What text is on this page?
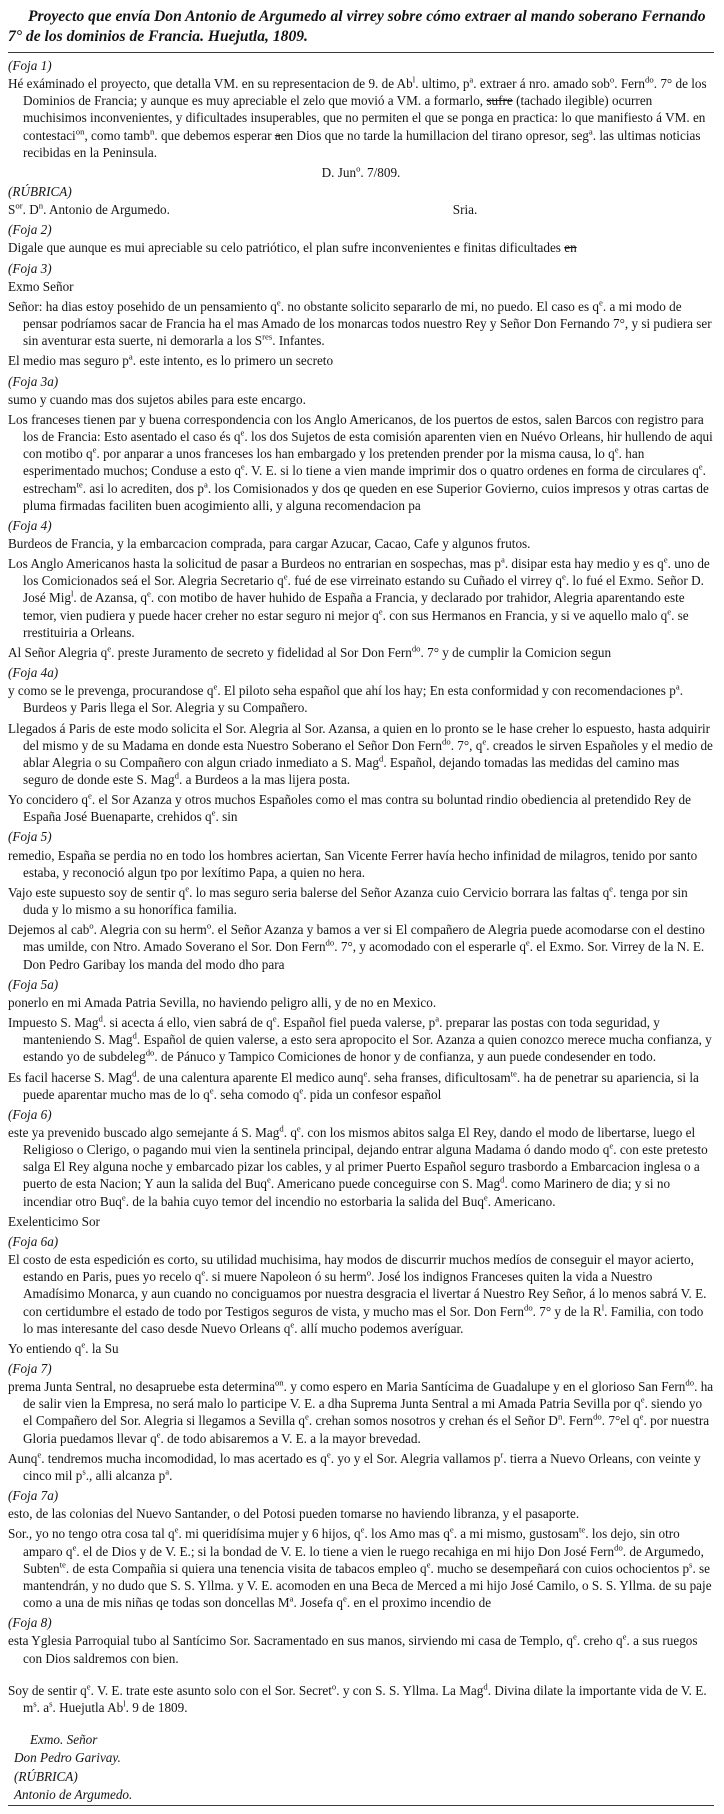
Proyecto que envía Don Antonio de Argumedo al virrey sobre cómo extraer al mando soberano Fernando 7° de los dominios de Francia. Huejutla, 1809.
(Foja 1)
Hé exáminado el proyecto, que detalla VM. en su representacion de 9. de Ab$^l$. ultimo, $p^a$. extraer á nro. amado sob$^o$. Fern$^{do}$. 7° de los Dominios de Francia; y aunque es muy apreciable el zelo que movió a VM. a formarlo, sufre (tachado ilegible) ocurren muchisimos inconvenientes, y dificultades insuperables, que no permiten el que se ponga en practica: lo que manifiesto á VM. en contestaci$^{on}$, como tamb$^n$. que debemos esperar aen Dios que no tarde la humillacion del tirano opresor, seg$^a$. las ultimas noticias recibidas en la Peninsula.
D. Jun$^o$. 7/809.
(RÚBRICA)
$S^{or}$. $D^n$. Antonio de Argumedo.	Sria.
(Foja 2)
Digale que aunque es mui apreciable su celo patriótico, el plan sufre inconvenientes e finitas dificultades en
(Foja 3)
Exmo Señor
Señor: ha dias estoy posehido de un pensamiento $q^e$. no obstante solicito separarlo de mi, no puedo. El caso es $q^e$. a mi modo de pensar podríamos sacar de Francia ha el mas Amado de los monarcas todos nuestro Rey y Señor Don Fernando 7°, y si pudiera ser sin aventurar esta suerte, ni demorarla a los $S^{res}$. Infantes.
El medio mas seguro $p^a$. este intento, es lo primero un secreto
(Foja 3a)
sumo y cuando mas dos sujetos abiles para este encargo.
Los franceses tienen par y buena correspondencia con los Anglo Americanos, de los puertos de estos, salen Barcos con registro para los de Francia: Esto asentado el caso és $q^e$. los dos Sujetos de esta comisión aparenten vien en Nuévo Orleans, hir hullendo de aqui con motibo $q^e$. por anparar a unos franceses los han embargado y los pretenden prender por la misma causa, lo $q^e$. han esperimentado muchos; Conduse a esto $q^e$. V. E. si lo tiene a vien mande imprimir dos o quatro ordenes en forma de circulares $q^e$. estrecham$^{te}$. asi lo acrediten, dos $p^a$. los Comisionados y dos qe queden en ese Superior Govierno, cuios impresos y otras cartas de pluma firmadas faciliten buen acogimiento alli, y alguna recomendacion pa
(Foja 4)
Burdeos de Francia, y la embarcacion comprada, para cargar Azucar, Cacao, Cafe y algunos frutos.
Los Anglo Americanos hasta la solicitud de pasar a Burdeos no entrarian en sospechas, mas $p^a$. disipar esta hay medio y es $q^e$. uno de los Comicionados seá el Sor. Alegria Secretario $q^e$. fué de ese virreinato estando su Cuñado el virrey $q^e$. lo fué el Exmo. Señor D. José Mig$^l$. de Azansa, $q^e$. con motibo de haver huhido de España a Francia, y declarado por trahidor, Alegria aparentando este temor, vien pudiera y puede hacer creher no estar seguro ni mejor $q^e$. con sus Hermanos en Francia, y si ve aquello malo $q^e$. se rrestituiria a Orleans.
Al Señor Alegria $q^e$. preste Juramento de secreto y fidelidad al Sor Don Fern$^{do}$. 7° y de cumplir la Comicion segun
(Foja 4a)
y como se le prevenga, procurandose $q^e$. El piloto seha español que ahí los hay; En esta conformidad y con recomendaciones $p^a$. Burdeos y Paris llega el Sor. Alegria y su Compañero.
Llegados á Paris de este modo solicita el Sor. Alegria al Sor. Azansa, a quien en lo pronto se le hase creher lo espuesto, hasta adquirir del mismo y de su Madama en donde esta Nuestro Soberano el Señor Don Fern$^{do}$. 7°, $q^e$. creados le sirven Españoles y el medio de ablar Alegria o su Compañero con algun criado inmediato a S. Mag$^d$. Español, dejando tomadas las medidas del camino mas seguro de donde este S. Mag$^d$. a Burdeos a la mas lijera posta.
Yo concidero $q^e$. el Sor Azanza y otros muchos Españoles como el mas contra su boluntad rindio obediencia al pretendido Rey de España José Buenaparte, crehidos $q^e$. sin
(Foja 5)
remedio, España se perdia no en todo los hombres aciertan, San Vicente Ferrer havía hecho infinidad de milagros, tenido por santo estaba, y reconoció algun tpo por lexítimo Papa, a quien no hera.
Vajo este supuesto soy de sentir $q^e$. lo mas seguro seria balerse del Señor Azanza cuio Cervicio borrara las faltas $q^e$. tenga por sin duda y lo mismo a su honorífica familia.
Dejemos al cab$^o$. Alegria con su herm$^o$. el Señor Azanza y bamos a ver si El compañero de Alegria puede acomodarse con el destino mas umilde, con Ntro. Amado Soverano el Sor. Don Fern$^{do}$. 7°, y acomodado con el esperarle $q^e$. el Exmo. Sor. Virrey de la N. E. Don Pedro Garibay los manda del modo dho para
(Foja 5a)
ponerlo en mi Amada Patria Sevilla, no haviendo peligro alli, y de no en Mexico.
Impuesto S. Mag$^d$. si acecta á ello, vien sabrá de $q^e$. Español fiel pueda valerse, $p^a$. preparar las postas con toda seguridad, y manteniendo S. Mag$^d$. Español de quien valerse, a esto sera apropocito el Sor. Azanza a quien conozco merece mucha confianza, y estando yo de subdeleg$^{do}$. de Pánuco y Tampico Comiciones de honor y de confianza, y aun puede condesender en todo.
Es facil hacerse S. Mag$^d$. de una calentura aparente El medico aunq$^e$. seha franses, dificultosam$^{te}$. ha de penetrar su apariencia, si la puede aparentar mucho mas de lo $q^e$. seha comodo $q^e$. pida un confesor español
(Foja 6)
este ya prevenido buscado algo semejante á S. Mag$^d$. $q^e$. con los mismos abitos salga El Rey, dando el modo de libertarse, luego el Religioso o Clerigo, o pagando mui vien la sentinela principal, dejando entrar alguna Madama ó dando modo $q^e$. con este pretesto salga El Rey alguna noche y embarcado pizar los cables, y al primer Puerto Español seguro trasbordo a Embarcacion inglesa o a puerto de esta Nacion; Y aun la salida del Buq$^e$. Americano puede conceguirse con S. Mag$^d$. como Marinero de dia; y si no incendiar otro Buq$^e$. de la bahia cuyo temor del incendio no estorbaria la salida del Buq$^e$. Americano.
Exelenticimo Sor
(Foja 6a)
El costo de esta espedición es corto, su utilidad muchisima, hay modos de discurrir muchos medíos de conseguir el mayor acierto, estando en Paris, pues yo recelo $q^e$. si muere Napoleon ó su herm$^o$. José los indignos Franceses quiten la vida a Nuestro Amadísimo Monarca, y aun cuando no conciguamos por nuestra desgracia el livertar á Nuestro Rey Señor, á lo menos sabrá V. E. con certidumbre el estado de todo por Testigos seguros de vista, y mucho mas el Sor. Don Fern$^{do}$. 7° y de la $R^l$. Familia, con todo lo mas interesante del caso desde Nuevo Orleans $q^e$. allí mucho podemos averíguar.
Yo entiendo $q^e$. la Su
(Foja 7)
prema Junta Sentral, no desapruebe esta determina$^{on}$. y como espero en Maria Santícima de Guadalupe y en el glorioso San Fern$^{do}$. ha de salir vien la Empresa, no será malo lo participe V. E. a dha Suprema Junta Sentral a mi Amada Patria Sevilla por $q^e$. siendo yo el Compañero del Sor. Alegria si llegamos a Sevilla $q^e$. crehan somos nosotros y crehan és el Señor $D^n$. Fern$^{do}$. 7°el $q^e$. por nuestra Gloria puedamos llevar $q^e$. de todo abisaremos a V. E. a la mayor brevedad.
Aunq$^e$. tendremos mucha incomodidad, lo mas acertado es $q^e$. yo y el Sor. Alegria vallamos $p^r$. tierra a Nuevo Orleans, con veinte y cinco mil $p^s$., alli alcanza $p^a$.
(Foja 7a)
esto, de las colonias del Nuevo Santander, o del Potosi pueden tomarse no haviendo libranza, y el pasaporte.
Sor., yo no tengo otra cosa tal $q^e$. mi queridísima mujer y 6 hijos, $q^e$. los Amo mas $q^e$. a mi mismo, gustosam$^{te}$. los dejo, sin otro amparo $q^e$. el de Dios y de V. E.; si la bondad de V. E. lo tiene a vien le ruego recahiga en mi hijo Don José Fern$^{do}$. de Argumedo, Subten$^{te}$. de esta Compañia si quiera una tenencia visita de tabacos empleo $q^e$. mucho se desempeñará con cuios ochocientos $p^s$. se mantendrán, y no dudo que S. S. Yllma. y V. E. acomoden en una Beca de Merced a mi hijo José Camilo, o S. S. Yllma. de su paje como a una de mis niñas qe todas son doncellas $M^a$. Josefa $q^e$. en el proximo incendio de
(Foja 8)
esta Yglesia Parroquial tubo al Santícimo Sor. Sacramentado en sus manos, sirviendo mi casa de Templo, $q^e$. creho $q^e$. a sus ruegos con Dios saldremos con bien.
Soy de sentir $q^e$. V. E. trate este asunto solo con el Sor. Secret$^o$. y con S. S. Yllma. La Mag$^d$. Divina dilate la importante vida de V. E. $m^s$. $a^s$. Huejutla Ab$^l$. 9 de 1809.
Exmo. Señor
Don Pedro Garivay.
(RÚBRICA)
Antonio de Argumedo.
